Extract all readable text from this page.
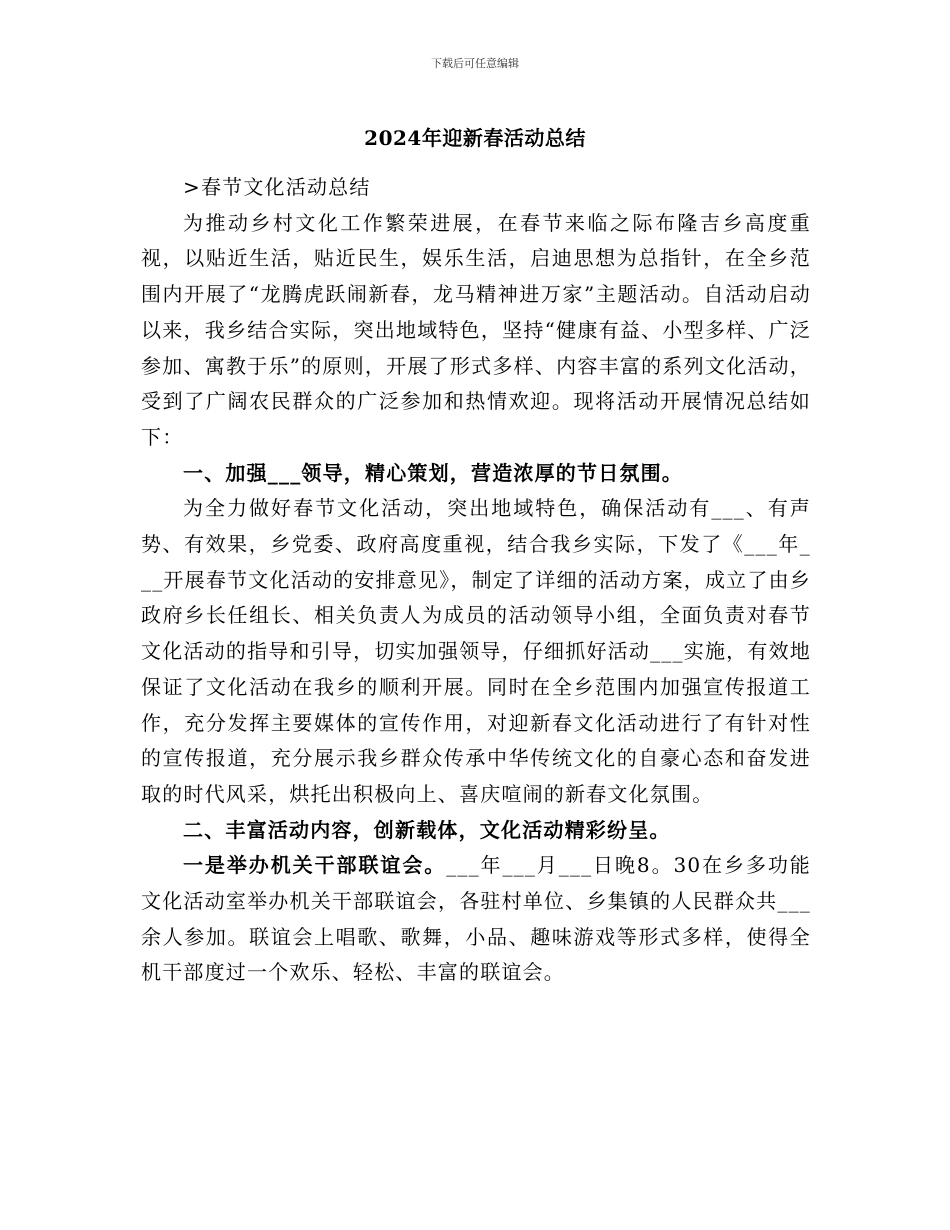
下载后可任意编辑
2024年迎新春活动总结

>春节文化活动总结

为推动乡村文化工作繁荣进展，在春节来临之际布隆吉乡高度重视，以贴近生活，贴近民生，娱乐生活，启迪思想为总指针，在全乡范围内开展了“龙腾虎跃闹新春，龙马精神进万家”主题活动。自活动启动以来，我乡结合实际，突出地域特色，坚持“健康有益、小型多样、广泛参加、寓教于乐”的原则，开展了形式多样、内容丰富的系列文化活动，受到了广阔农民群众的广泛参加和热情欢迎。现将活动开展情况总结如下：

一、加强___领导，精心策划，营造浓厚的节日氛围。

为全力做好春节文化活动，突出地域特色，确保活动有___、有声势、有效果，乡党委、政府高度重视，结合我乡实际，下发了《___年___开展春节文化活动的安排意见》，制定了详细的活动方案，成立了由乡政府乡长任组长、相关负责人为成员的活动领导小组，全面负责对春节文化活动的指导和引导，切实加强领导，仔细抓好活动___实施，有效地保证了文化活动在我乡的顺利开展。同时在全乡范围内加强宣传报道工作，充分发挥主要媒体的宣传作用，对迎新春文化活动进行了有针对性的宣传报道，充分展示我乡群众传承中华传统文化的自豪心态和奋发进取的时代风采，烘托出积极向上、喜庆喧闹的新春文化氛围。

二、丰富活动内容，创新载体，文化活动精彩纷呈。

一是举办机关干部联谊会。___年___月___日晚8。30在乡多功能文化活动室举办机关干部联谊会，各驻村单位、乡集镇的人民群众共___余人参加。联谊会上唱歌、歌舞，小品、趣味游戏等形式多样，使得全机干部度过一个欢乐、轻松、丰富的联谊会。
